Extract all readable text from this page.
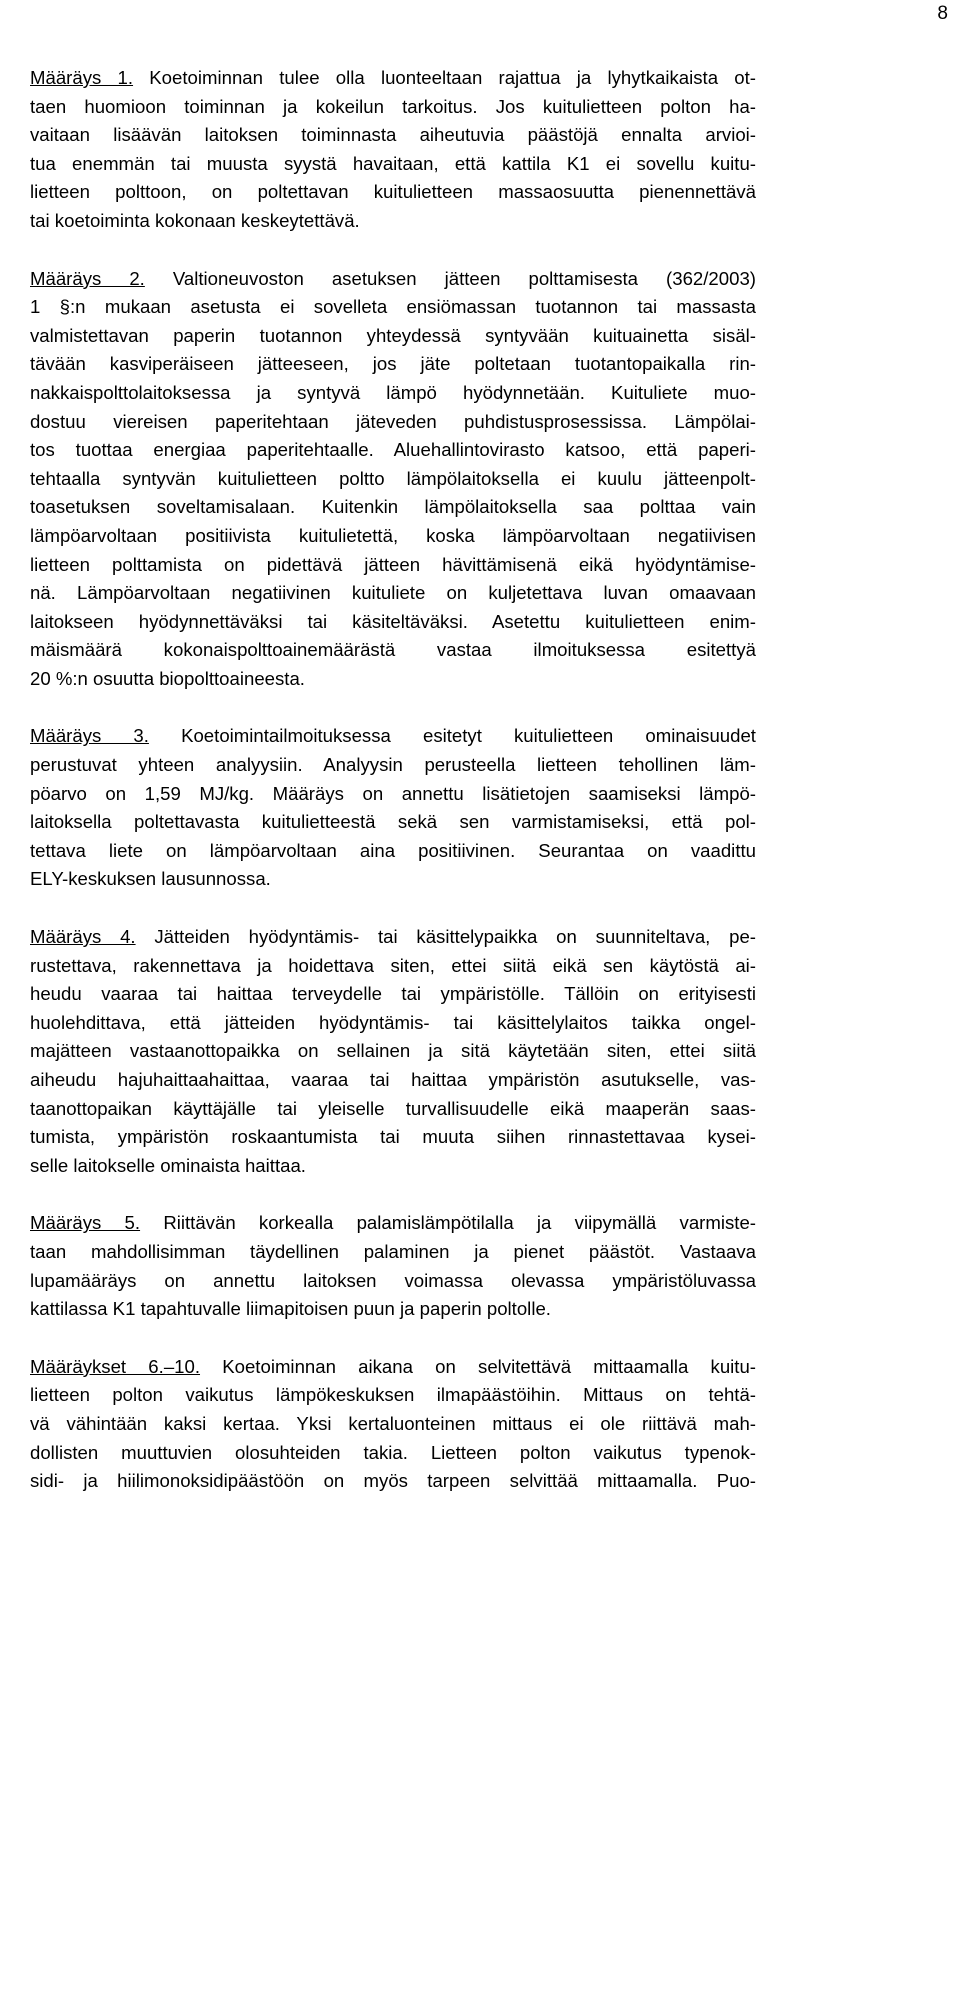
8
Määräys 1. Koetoiminnan tulee olla luonteeltaan rajattua ja lyhytkaikaista ot-
taen huomioon toiminnan ja kokeilun tarkoitus. Jos kuitulietteen polton ha-
vaitaan lisäävän laitoksen toiminnasta aiheutuvia päästöjä ennalta arvioi-
tua enemmän tai muusta syystä havaitaan, että kattila K1 ei sovellu kuitu-
lietteen polttoon, on poltettavan kuitulietteen massaosuutta pienennettävä
tai koetoiminta kokonaan keskeytettävä.
Määräys 2. Valtioneuvoston asetuksen jätteen polttamisesta (362/2003)
1 §:n mukaan asetusta ei sovelleta ensiömassan tuotannon tai massasta
valmistettavan paperin tuotannon yhteydessä syntyvään kuituainetta sisäl-
tävään kasviperäiseen jätteeseen, jos jäte poltetaan tuotantopaikalla rin-
nakkaispolttolaitoksessa ja syntyvä lämpö hyödynnetään. Kuituliete muo-
dostuu viereisen paperitehtaan jäteveden puhdistusprosessissa. Lämpölai-
tos tuottaa energiaa paperitehtaalle. Aluehallintovirasto katsoo, että paperi-
tehtaalla syntyvän kuitulietteen poltto lämpölaitoksella ei kuulu jätteenpolt-
toasetuksen soveltamisalaan. Kuitenkin lämpölaitoksella saa polttaa vain
lämpöarvoltaan positiivista kuitulietettä, koska lämpöarvoltaan negatiivisen
lietteen polttamista on pidettävä jätteen hävittämisenä eikä hyödyntämise-
nä. Lämpöarvoltaan negatiivinen kuituliete on kuljetettava luvan omaavaan
laitokseen hyödynnettäväksi tai käsiteltäväksi. Asetettu kuitulietteen enim-
mäismäärä kokonaispolttoainemäärästä vastaa ilmoituksessa esitettyä
20 %:n osuutta biopolttoaineesta.
Määräys 3. Koetoimintailmoituksessa esitetyt kuitulietteen ominaisuudet
perustuvat yhteen analyysiin. Analyysin perusteella lietteen tehollinen läm-
pöarvo on 1,59 MJ/kg. Määräys on annettu lisätietojen saamiseksi lämpö-
laitoksella poltettavasta kuitulietteestä sekä sen varmistamiseksi, että pol-
tettava liete on lämpöarvoltaan aina positiivinen. Seurantaa on vaadittu
ELY-keskuksen lausunnossa.
Määräys 4. Jätteiden hyödyntämis- tai käsittelypaikka on suunniteltava, pe-
rustettava, rakennettava ja hoidettava siten, ettei siitä eikä sen käytöstä ai-
heudu vaaraa tai haittaa terveydelle tai ympäristölle. Tällöin on erityisesti
huolehdittava, että jätteiden hyödyntämis- tai käsittelylaitos taikka ongel-
majätteen vastaanottopaikka on sellainen ja sitä käytetään siten, ettei siitä
aiheudu hajuhaittaahaittaa, vaaraa tai haittaa ympäristön asutukselle, vas-
taanottopaikan käyttäjälle tai yleiselle turvallisuudelle eikä maaperän saas-
tumista, ympäristön roskaantumista tai muuta siihen rinnastettavaa kysei-
selle laitokselle ominaista haittaa.
Määräys 5. Riittävän korkealla palamislämpötilalla ja viipymällä varmiste-
taan mahdollisimman täydellinen palaminen ja pienet päästöt. Vastaava
lupamääräys on annettu laitoksen voimassa olevassa ympäristöluvassa
kattilassa K1 tapahtuvalle liimapitoisen puun ja paperin poltolle.
Määräykset 6.–10. Koetoiminnan aikana on selvitettävä mittaamalla kuitu-
lietteen polton vaikutus lämpökeskuksen ilmapäästöihin. Mittaus on tehtä-
vä vähintään kaksi kertaa. Yksi kertaluonteinen mittaus ei ole riittävä mah-
dollisten muuttuvien olosuhteiden takia. Lietteen polton vaikutus typenok-
sidi- ja hiilimonoksidipäästöön on myös tarpeen selvittää mittaamalla. Puo-
